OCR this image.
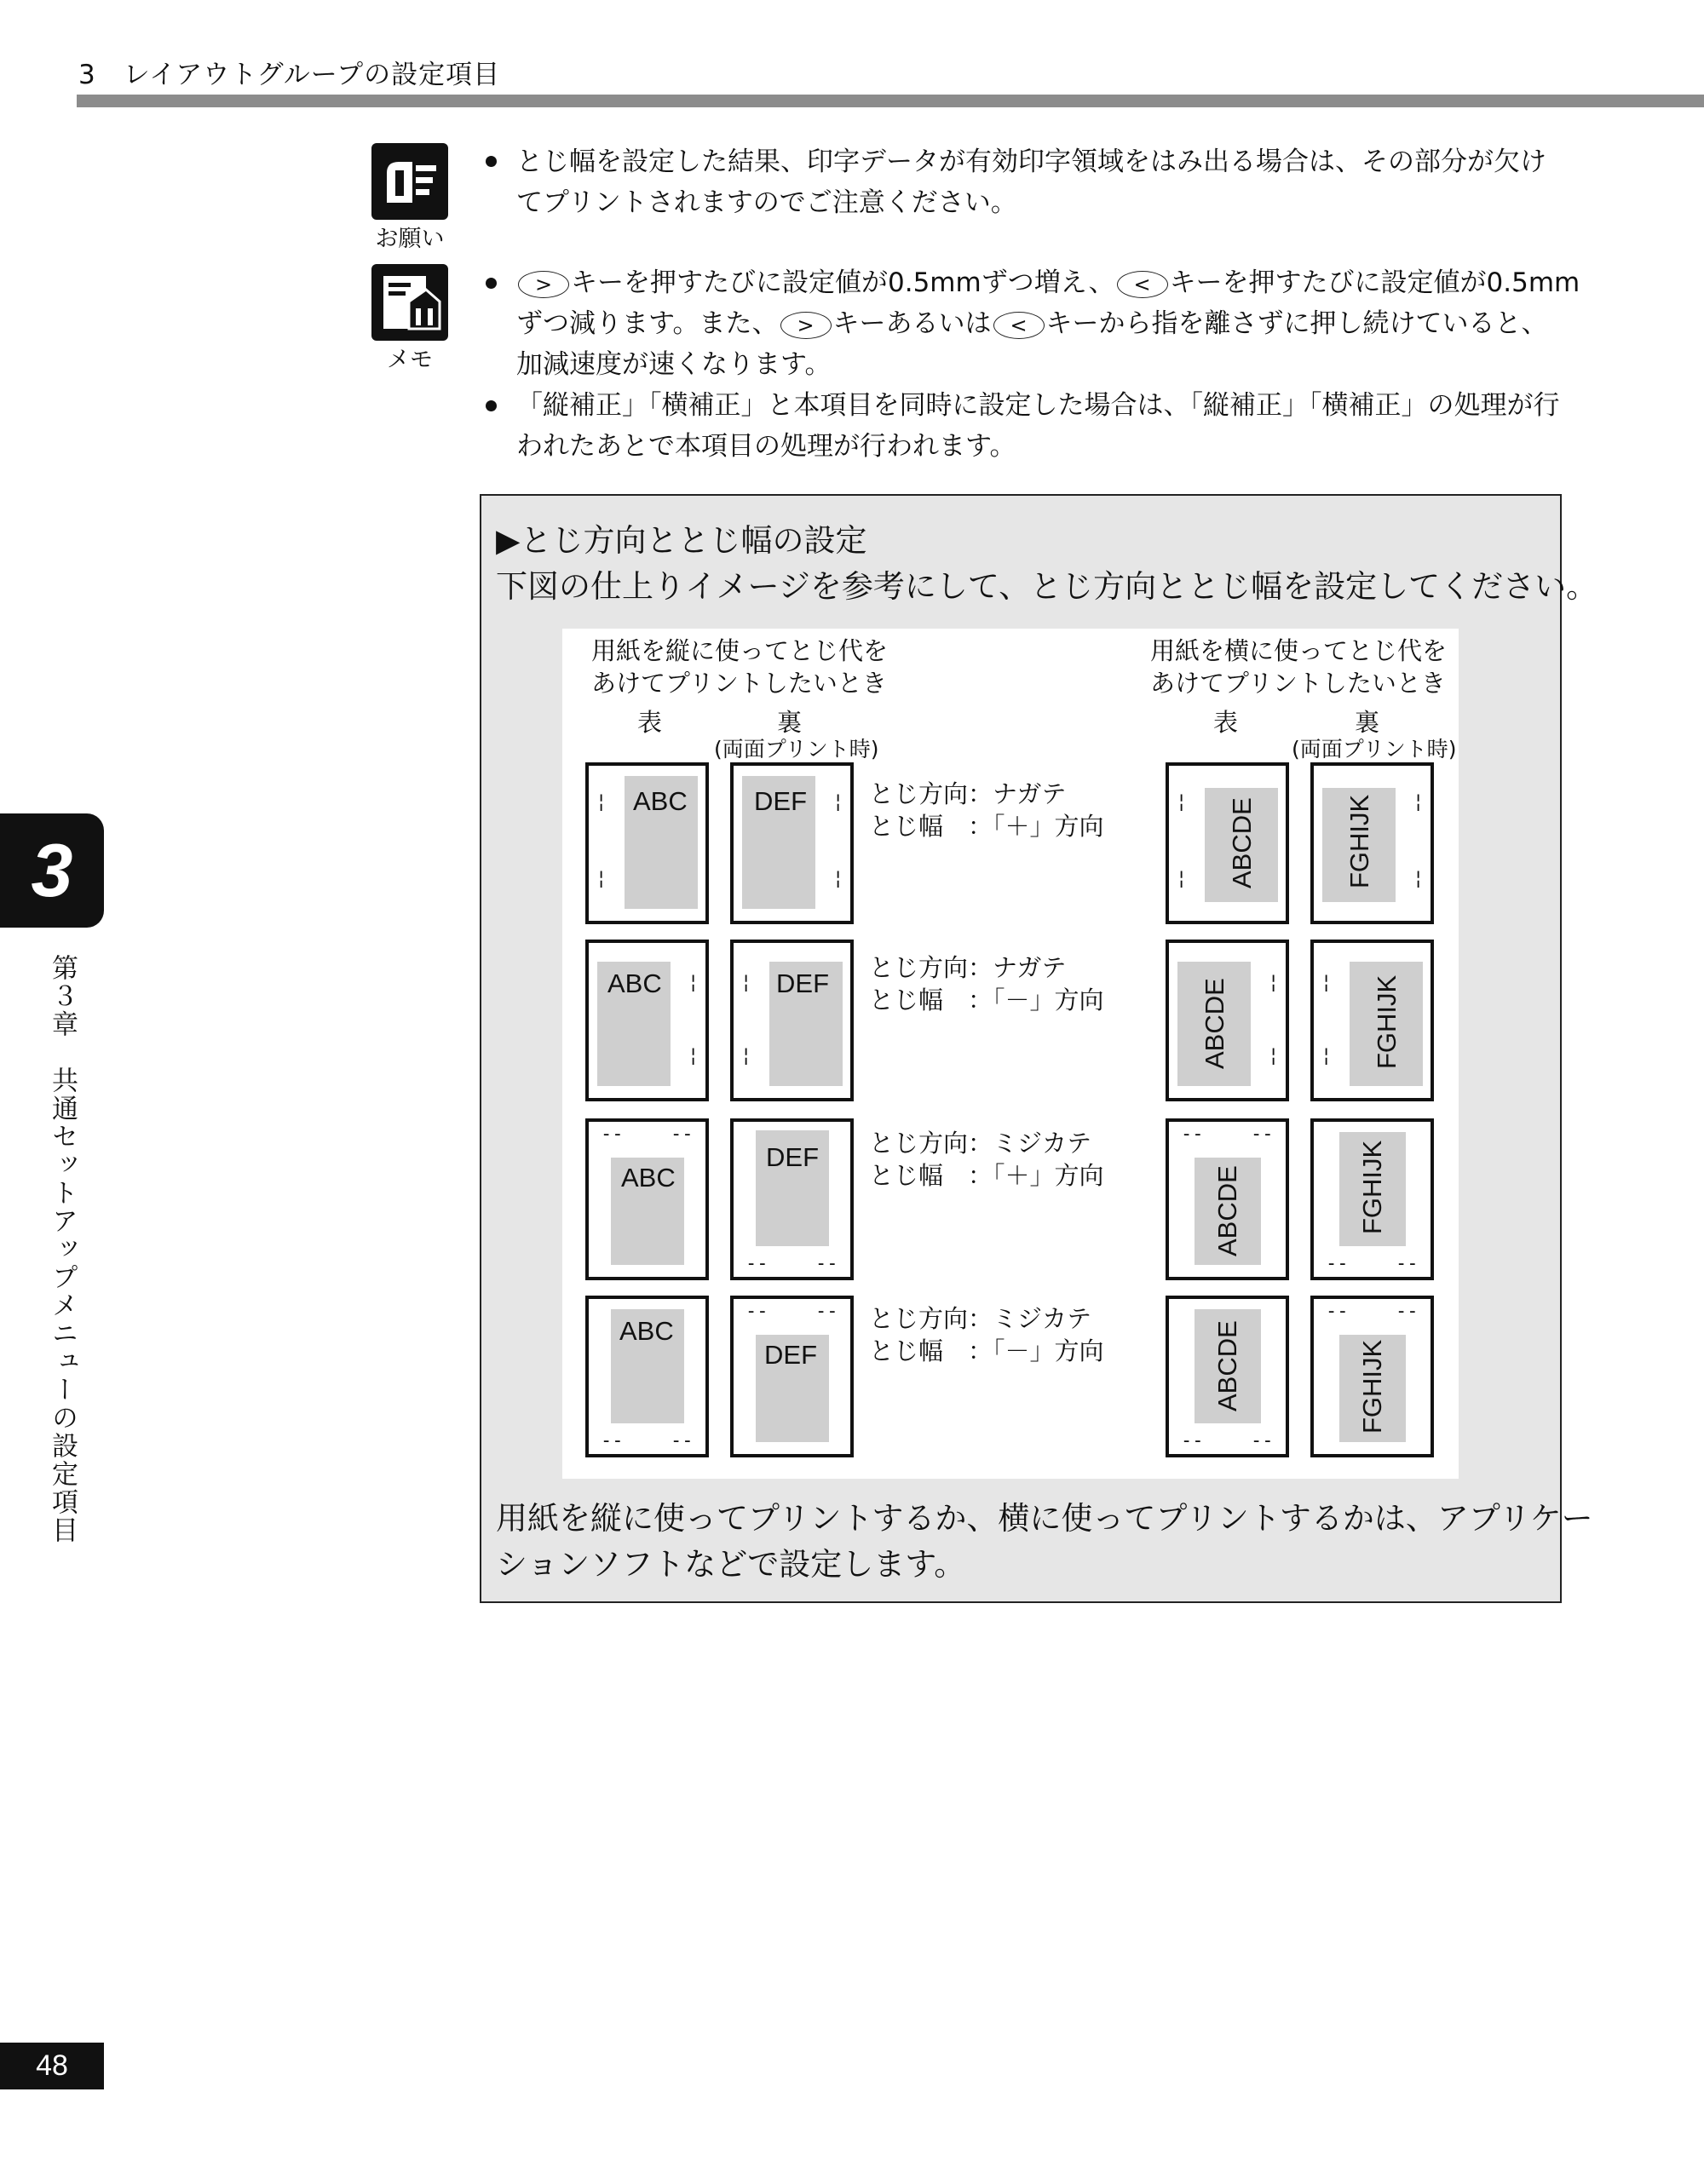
3　レイアウトグループの設定項目
お願い
とじ幅を設定した結果、印字データが有効印字領域をはみ出る場合は、その部分が欠け
てプリントされますのでご注意ください。
メモ
> キーを押すたびに設定値が0.5mmずつ増え、 < キーを押すたびに設定値が0.5mm
ずつ減ります。また、 > キーあるいは < キーから指を離さずに押し続けていると、
加減速度が速くなります。
「縦補正」「横補正」と本項目を同時に設定した場合は、「縦補正」「横補正」の処理が行
われたあとで本項目の処理が行われます。
▶とじ方向ととじ幅の設定
下図の仕上りイメージを参考にして、とじ方向ととじ幅を設定してください。
用紙を縦に使ってとじ代を
あけてプリントしたいとき
用紙を横に使ってとじ代を
あけてプリントしたいとき
表	裏
(両面プリント時)
表	裏
(両面プリント時)
ABC
¦
¦
DEF ¦
¦
とじ方向：ナガテ
とじ幅　：「＋」方向	ABCDE
¦
¦	FGHIJK ¦
¦
ABC ¦
¦
DEF
¦
¦
とじ方向：ナガテ
とじ幅　：「－」方向	ABCDE ¦
¦	FGHIJK
¦
¦
ABC
--	--
DEF
--	--
とじ方向：ミジカテ
とじ幅　：「＋」方向	ABCDE
--	--
FGHIJK
--	--
ABC
--	--
DEF
--	-- とじ方向：ミジカテ
とじ幅　：「－」方向	ABCDE
--	--
FGHIJK
--	--
用紙を縦に使ってプリントするか、横に使ってプリントするかは、アプリケー
ションソフトなどで設定します。
3
第３章　共通セットアップメニューの設定項目
48
